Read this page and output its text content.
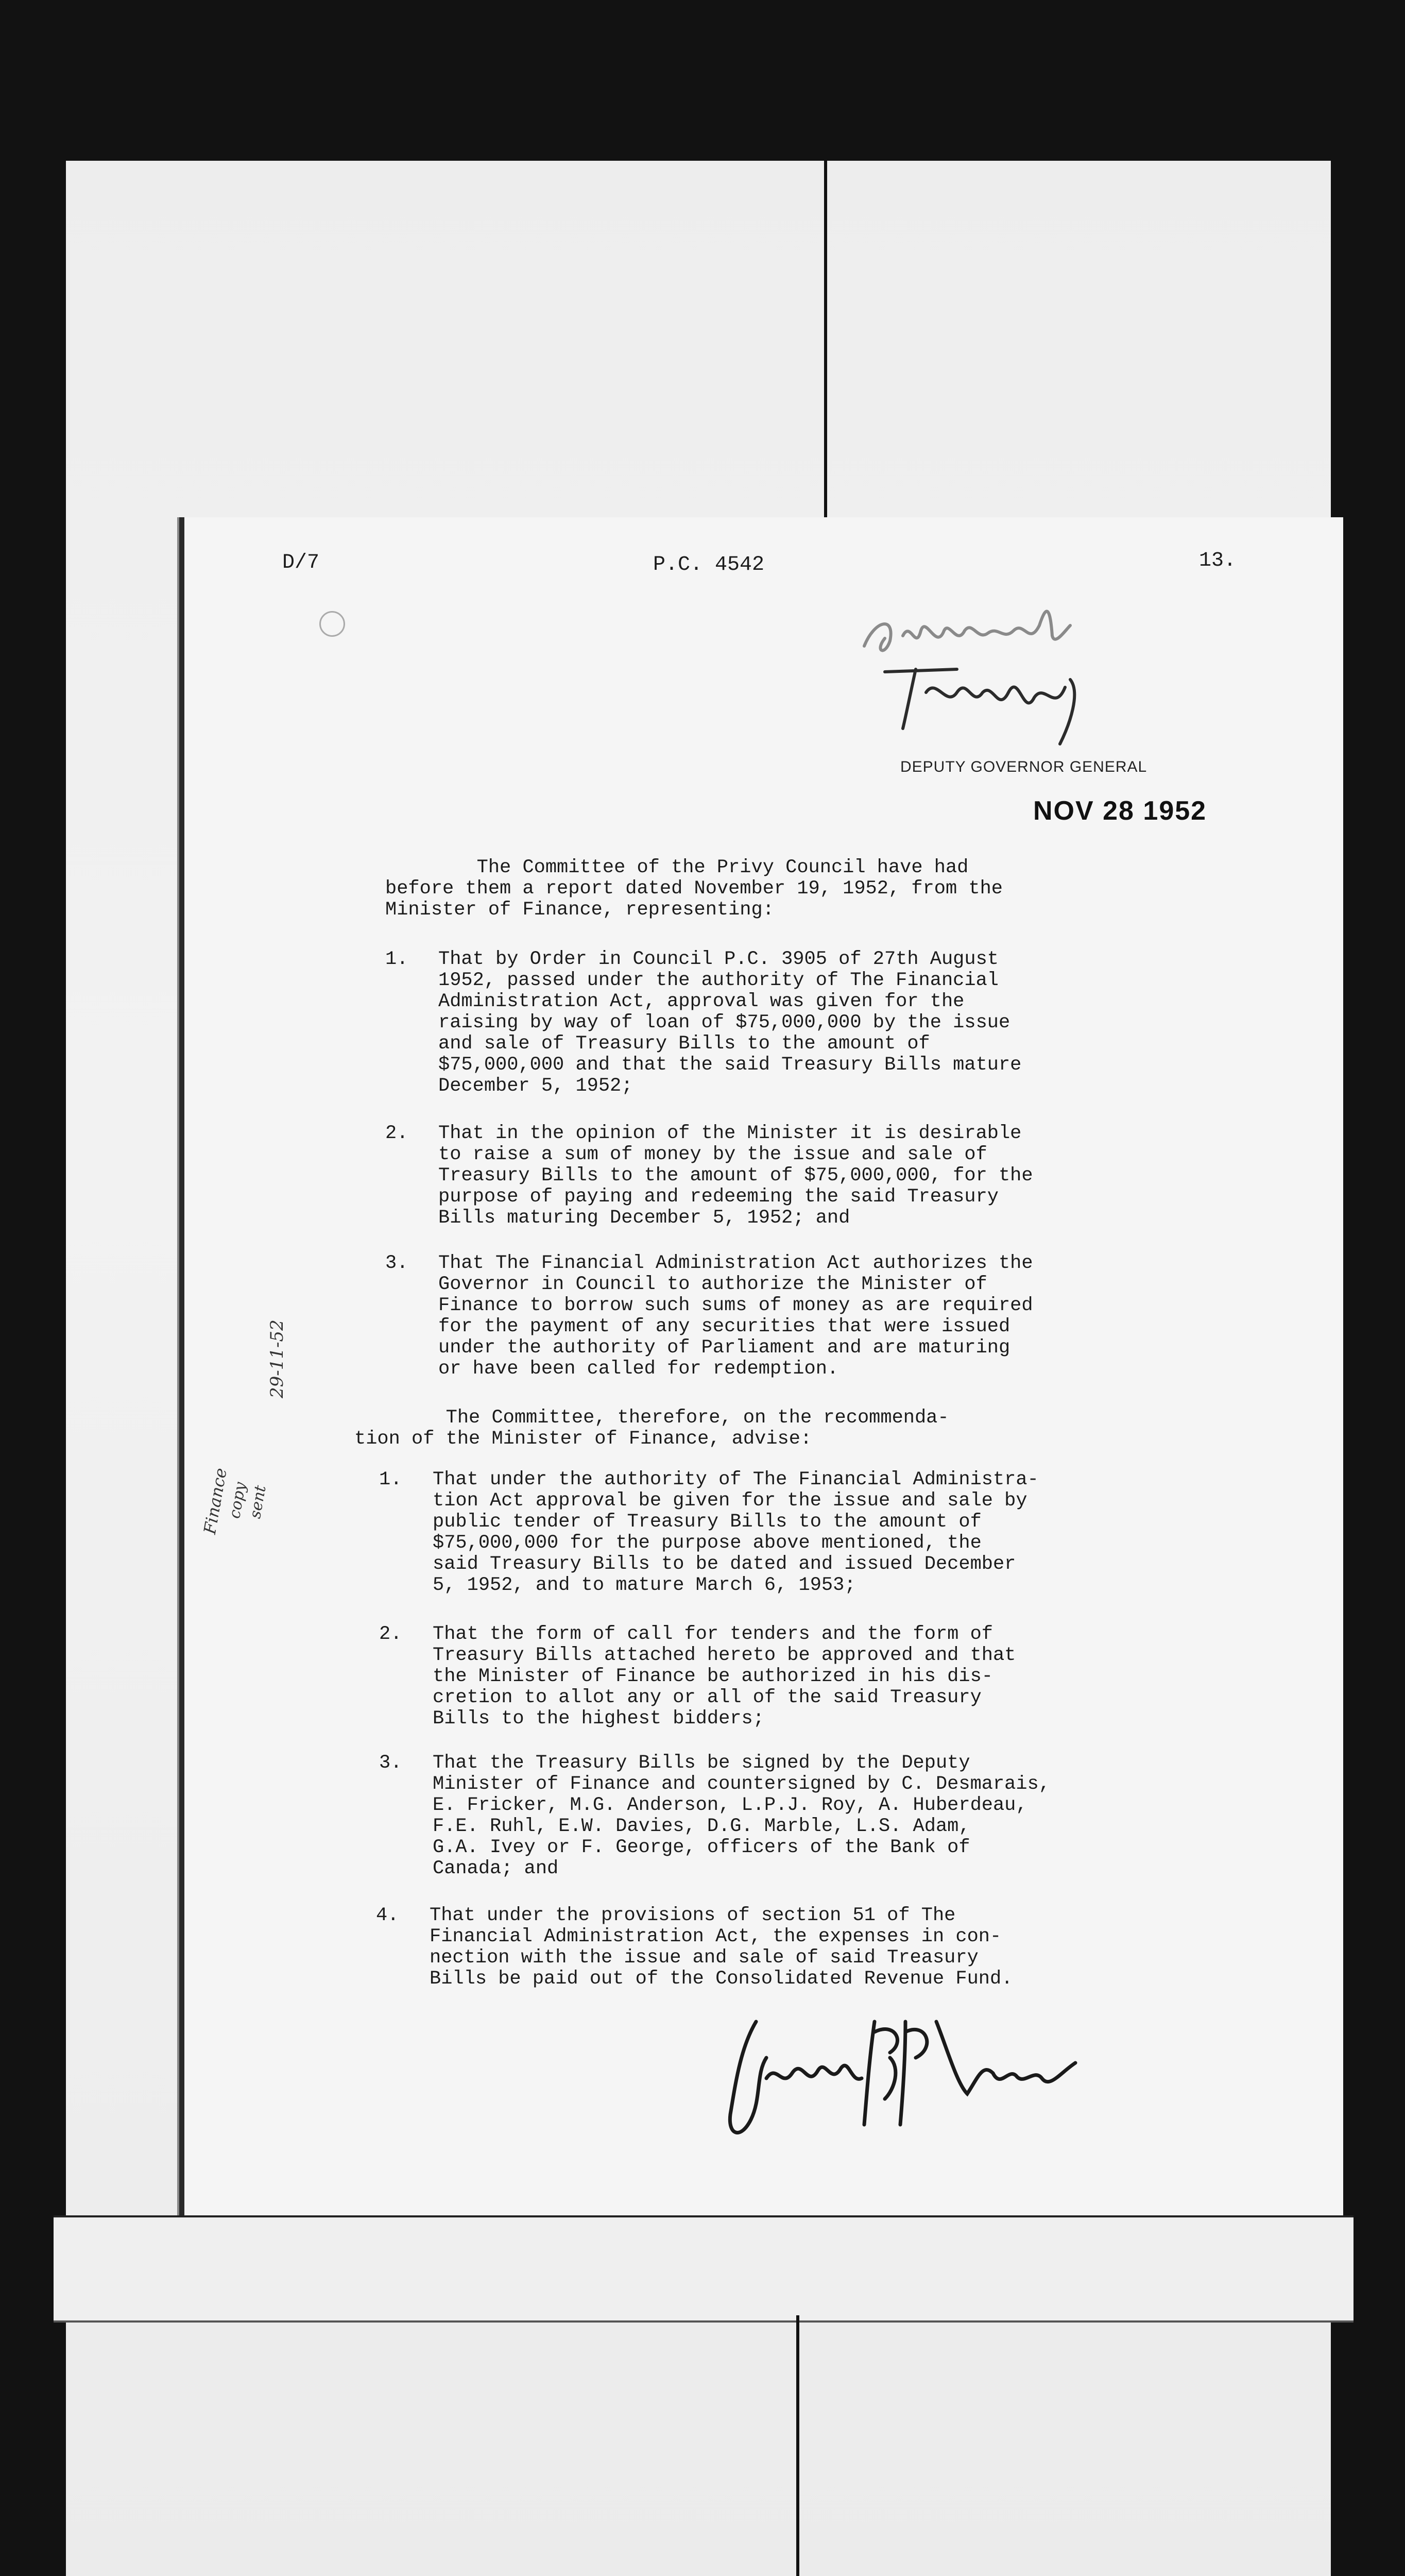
D/7	P.C. 4542	13.
DEPUTY GOVERNOR GENERAL
NOV 28 1952
The Committee of the Privy Council have had
before them a report dated November 19, 1952, from the
Minister of Finance, representing:
1. That by Order in Council P.C. 3905 of 27th August
1952, passed under the authority of The Financial
Administration Act, approval was given for the
raising by way of loan of $75,000,000 by the issue
and sale of Treasury Bills to the amount of
$75,000,000 and that the said Treasury Bills mature
December 5, 1952;
2. That in the opinion of the Minister it is desirable
to raise a sum of money by the issue and sale of
Treasury Bills to the amount of $75,000,000, for the
purpose of paying and redeeming the said Treasury
Bills maturing December 5, 1952; and
3. That The Financial Administration Act authorizes the
Governor in Council to authorize the Minister of
Finance to borrow such sums of money as are required
for the payment of any securities that were issued
under the authority of Parliament and are maturing
or have been called for redemption.
The Committee, therefore, on the recommenda-
tion of the Minister of Finance, advise:
29-11-52
Finance
copy
sent
1. That under the authority of The Financial Administra-
tion Act approval be given for the issue and sale by
public tender of Treasury Bills to the amount of
$75,000,000 for the purpose above mentioned, the
said Treasury Bills to be dated and issued December
5, 1952, and to mature March 6, 1953;
2. That the form of call for tenders and the form of
Treasury Bills attached hereto be approved and that
the Minister of Finance be authorized in his dis-
cretion to allot any or all of the said Treasury
Bills to the highest bidders;
3. That the Treasury Bills be signed by the Deputy
Minister of Finance and countersigned by C. Desmarais,
E. Fricker, M.G. Anderson, L.P.J. Roy, A. Huberdeau,
F.E. Ruhl, E.W. Davies, D.G. Marble, L.S. Adam,
G.A. Ivey or F. George, officers of the Bank of
Canada; and
4. That under the provisions of section 51 of The
Financial Administration Act, the expenses in con-
nection with the issue and sale of said Treasury
Bills be paid out of the Consolidated Revenue Fund.
